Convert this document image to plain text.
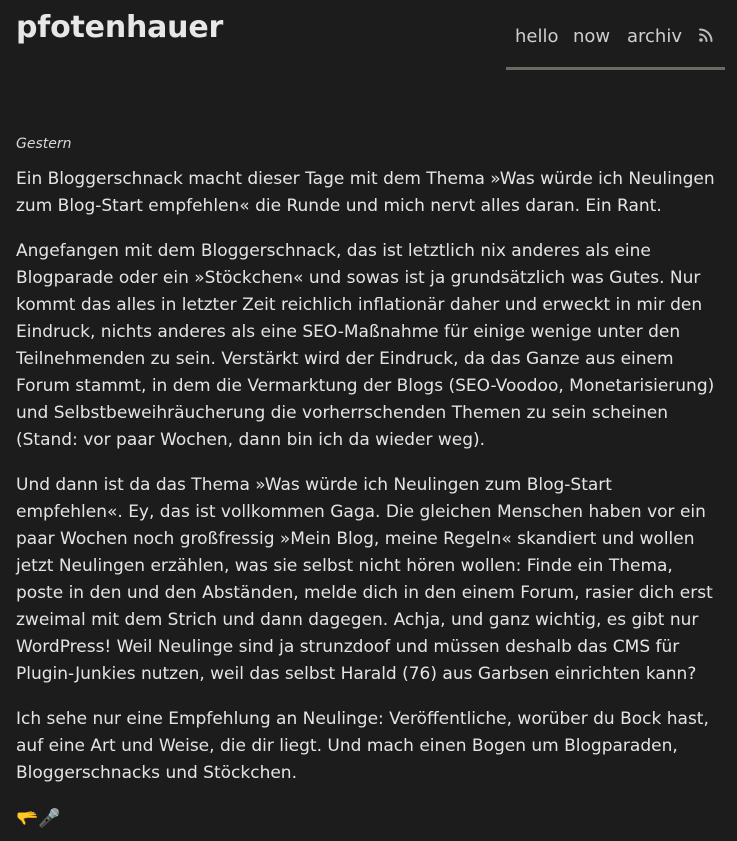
pfotenhauer	hello now archiv
Gestern

Ein Bloggerschnack macht dieser Tage mit dem Thema »Was würde ich Neulingen zum Blog-Start empfehlen« die Runde und mich nervt alles daran. Ein Rant.

Angefangen mit dem Bloggerschnack, das ist letztlich nix anderes als eine Blogparade oder ein »Stöckchen« und sowas ist ja grundsätzlich was Gutes. Nur kommt das alles in letzter Zeit reichlich inflationär daher und erweckt in mir den Eindruck, nichts anderes als eine SEO-Maßnahme für einige wenige unter den Teilnehmenden zu sein. Verstärkt wird der Eindruck, da das Ganze aus einem Forum stammt, in dem die Vermarktung der Blogs (SEO-Voodoo, Monetarisierung) und Selbstbeweihräucherung die vorherrschenden Themen zu sein scheinen (Stand: vor paar Wochen, dann bin ich da wieder weg).

Und dann ist da das Thema »Was würde ich Neulingen zum Blog-Start empfehlen«. Ey, das ist vollkommen Gaga. Die gleichen Menschen haben vor ein paar Wochen noch großfressig »Mein Blog, meine Regeln« skandiert und wollen jetzt Neulingen erzählen, was sie selbst nicht hören wollen: Finde ein Thema, poste in den und den Abständen, melde dich in den einem Forum, rasier dich erst zweimal mit dem Strich und dann dagegen. Achja, und ganz wichtig, es gibt nur WordPress! Weil Neulinge sind ja strunzdoof und müssen deshalb das CMS für Plugin-Junkies nutzen, weil das selbst Harald (76) aus Garbsen einrichten kann?

Ich sehe nur eine Empfehlung an Neulinge: Veröffentliche, worüber du Bock hast, auf eine Art und Weise, die dir liegt. Und mach einen Bogen um Blogparaden, Bloggerschnacks und Stöckchen.

🫳🎤
